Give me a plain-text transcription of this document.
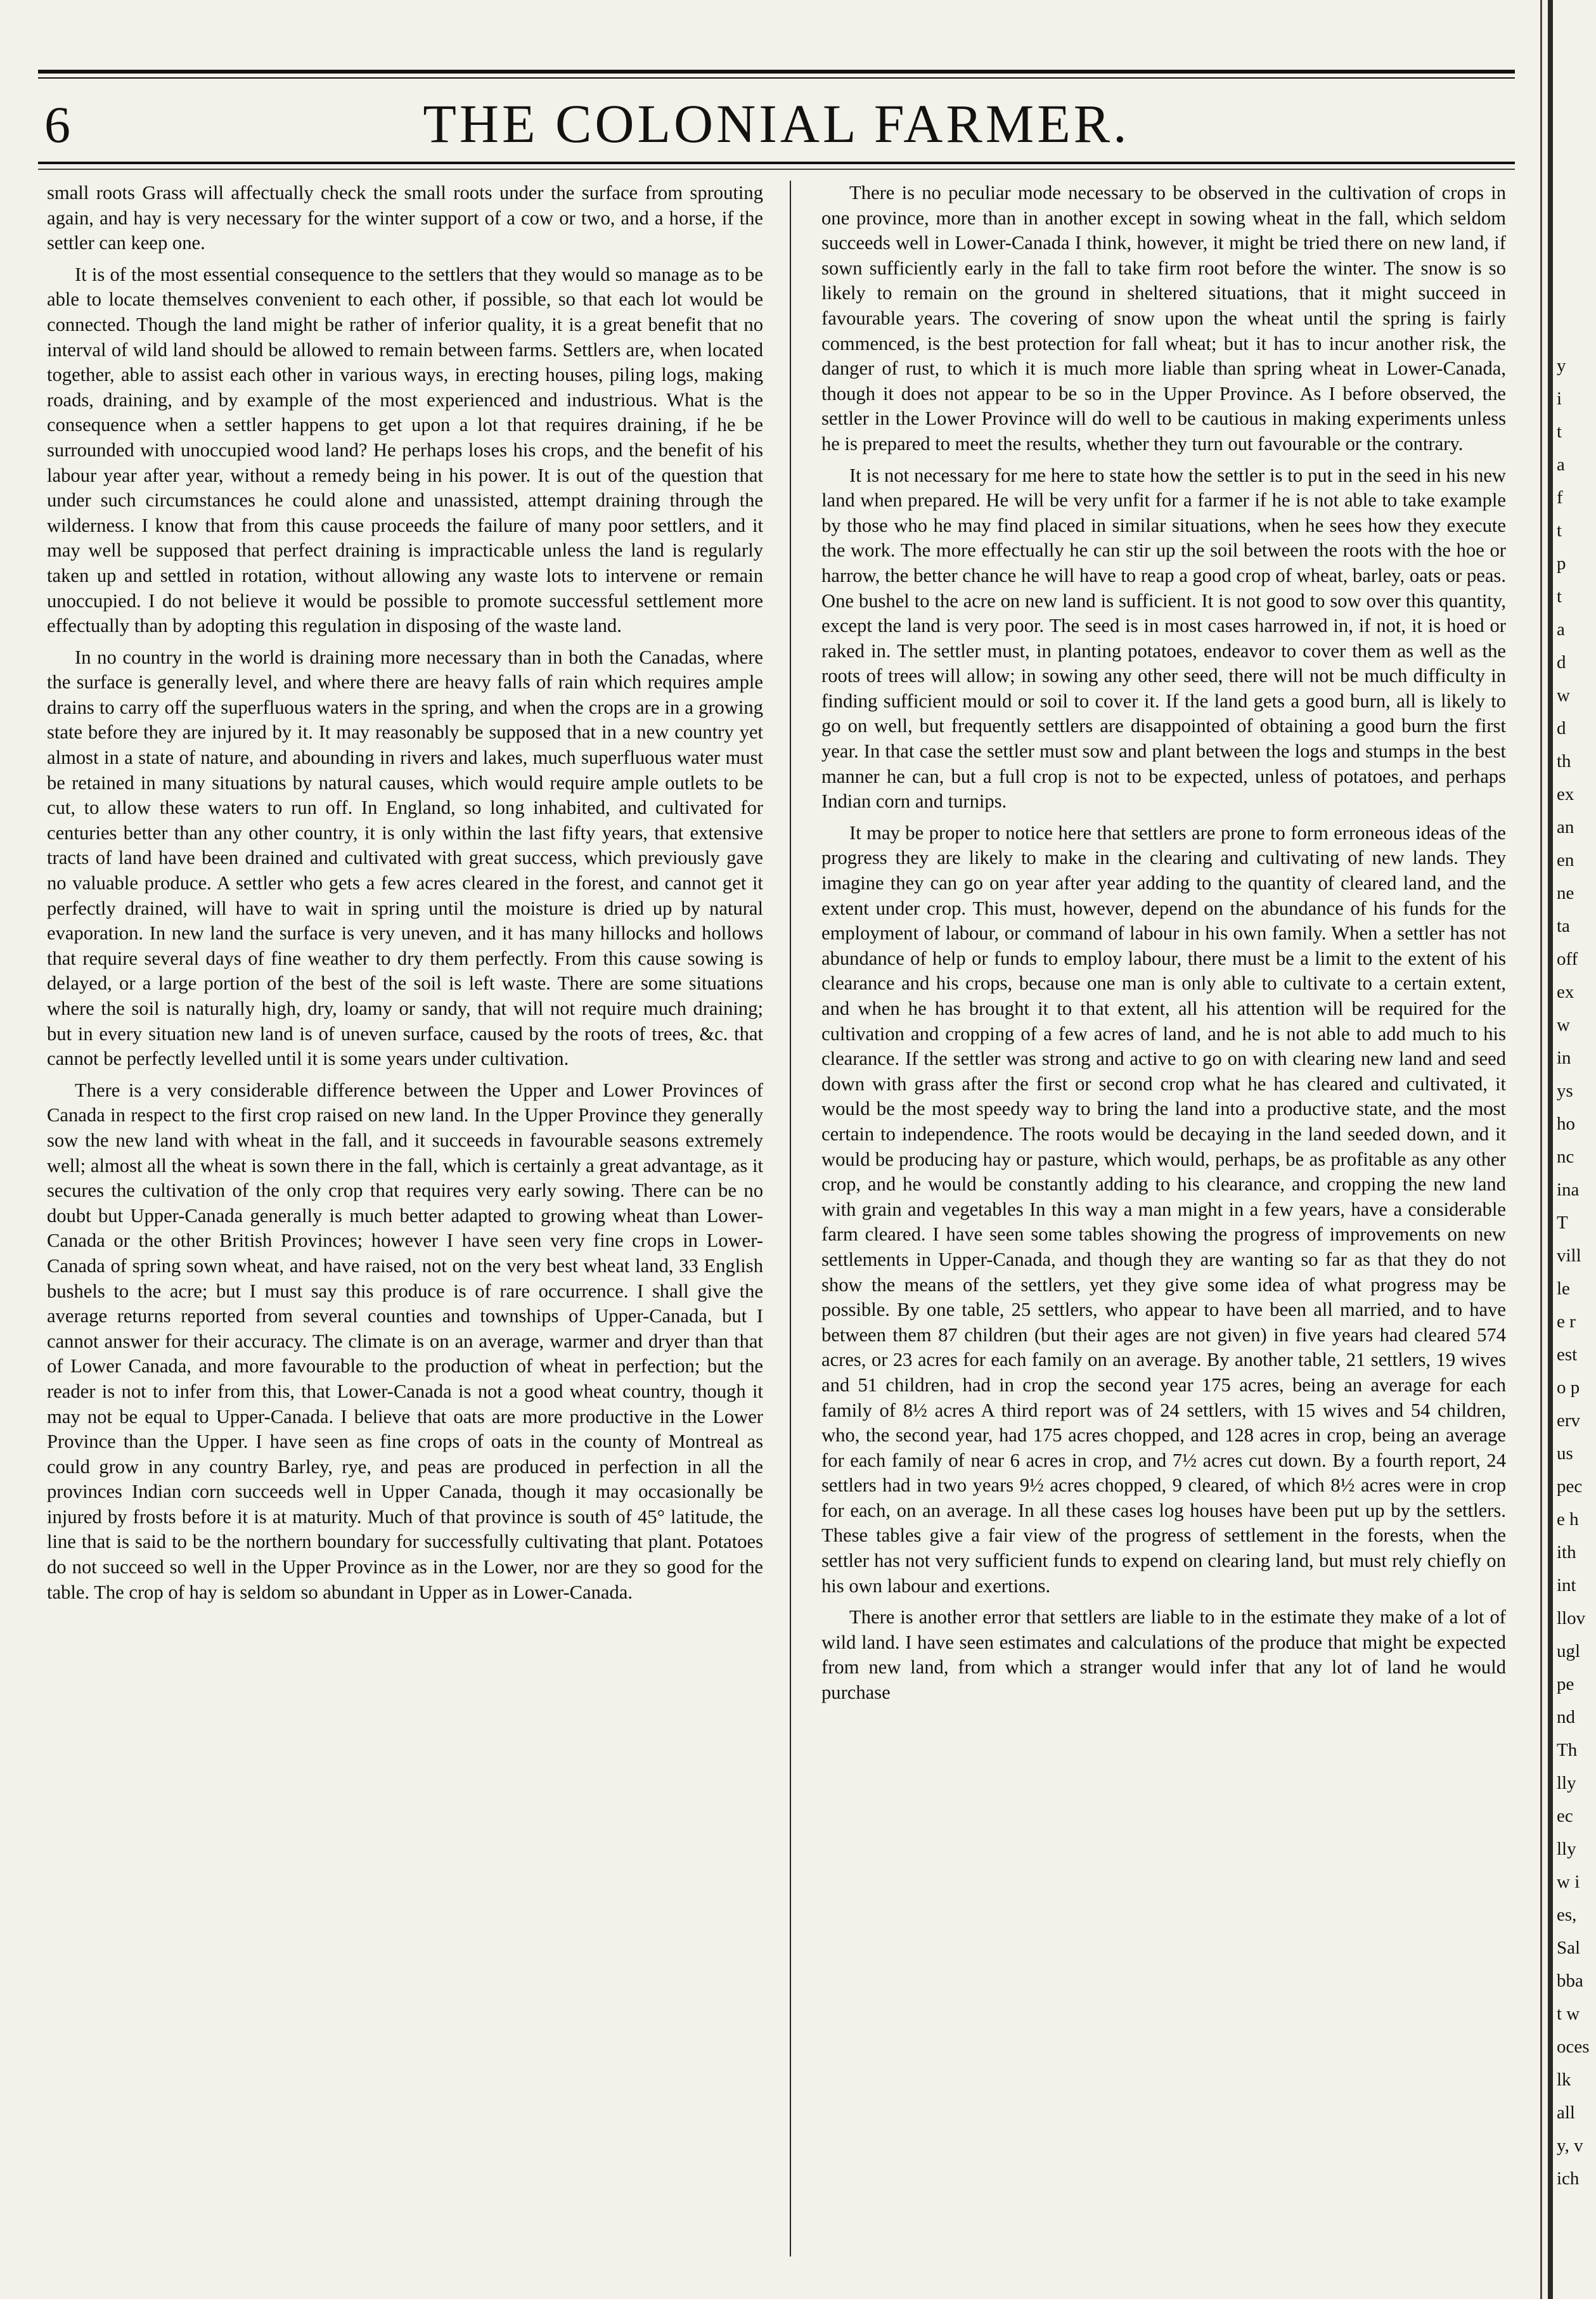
6	THE COLONIAL FARMER.

small roots Grass will affectually check the small roots under the surface from sprouting again, and hay is very necessary for the winter support of a cow or two, and a horse, if the settler can keep one.

It is of the most essential consequence to the settlers that they would so manage as to be able to locate themselves convenient to each other, if possible, so that each lot would be connected. Though the land might be rather of inferior quality, it is a great benefit that no interval of wild land should be allowed to remain between farms. Settlers are, when located together, able to assist each other in various ways, in erecting houses, piling logs, making roads, draining, and by example of the most experienced and industrious. What is the consequence when a settler happens to get upon a lot that requires draining, if he be surrounded with unoccupied wood land? He perhaps loses his crops, and the benefit of his labour year after year, without a remedy being in his power. It is out of the question that under such circumstances he could alone and unassisted, attempt draining through the wilderness. I know that from this cause proceeds the failure of many poor settlers, and it may well be supposed that perfect draining is impracticable unless the land is regularly taken up and settled in rotation, without allowing any waste lots to intervene or remain unoccupied. I do not believe it would be possible to promote successful settlement more effectually than by adopting this regulation in disposing of the waste land.

In no country in the world is draining more necessary than in both the Canadas, where the surface is generally level, and where there are heavy falls of rain which requires ample drains to carry off the superfluous waters in the spring, and when the crops are in a growing state before they are injured by it. It may reasonably be supposed that in a new country yet almost in a state of nature, and abounding in rivers and lakes, much superfluous water must be retained in many situations by natural causes, which would require ample outlets to be cut, to allow these waters to run off. In England, so long inhabited, and cultivated for centuries better than any other country, it is only within the last fifty years, that extensive tracts of land have been drained and cultivated with great success, which previously gave no valuable produce. A settler who gets a few acres cleared in the forest, and cannot get it perfectly drained, will have to wait in spring until the moisture is dried up by natural evaporation. In new land the surface is very uneven, and it has many hillocks and hollows that require several days of fine weather to dry them perfectly. From this cause sowing is delayed, or a large portion of the best of the soil is left waste. There are some situations where the soil is naturally high, dry, loamy or sandy, that will not require much draining; but in every situation new land is of uneven surface, caused by the roots of trees, &c. that cannot be perfectly levelled until it is some years under cultivation.

There is a very considerable difference between the Upper and Lower Provinces of Canada in respect to the first crop raised on new land. In the Upper Province they generally sow the new land with wheat in the fall, and it succeeds in favourable seasons extremely well; almost all the wheat is sown there in the fall, which is certainly a great advantage, as it secures the cultivation of the only crop that requires very early sowing. There can be no doubt but Upper-Canada generally is much better adapted to growing wheat than Lower-Canada or the other British Provinces; however I have seen very fine crops in Lower-Canada of spring sown wheat, and have raised, not on the very best wheat land, 33 English bushels to the acre; but I must say this produce is of rare occurrence. I shall give the average returns reported from several counties and townships of Upper-Canada, but I cannot answer for their accuracy. The climate is on an average, warmer and dryer than that of Lower Canada, and more favourable to the production of wheat in perfection; but the reader is not to infer from this, that Lower-Canada is not a good wheat country, though it may not be equal to Upper-Canada. I believe that oats are more productive in the Lower Province than the Upper. I have seen as fine crops of oats in the county of Montreal as could grow in any country Barley, rye, and peas are produced in perfection in all the provinces Indian corn succeeds well in Upper Canada, though it may occasionally be injured by frosts before it is at maturity. Much of that province is south of 45° latitude, the line that is said to be the northern boundary for successfully cultivating that plant. Potatoes do not succeed so well in the Upper Province as in the Lower, nor are they so good for the table. The crop of hay is seldom so abundant in Upper as in Lower-Canada.

There is no peculiar mode necessary to be observed in the cultivation of crops in one province, more than in another except in sowing wheat in the fall, which seldom succeeds well in Lower-Canada I think, however, it might be tried there on new land, if sown sufficiently early in the fall to take firm root before the winter. The snow is so likely to remain on the ground in sheltered situations, that it might succeed in favourable years. The covering of snow upon the wheat until the spring is fairly commenced, is the best protection for fall wheat; but it has to incur another risk, the danger of rust, to which it is much more liable than spring wheat in Lower-Canada, though it does not appear to be so in the Upper Province. As I before observed, the settler in the Lower Province will do well to be cautious in making experiments unless he is prepared to meet the results, whether they turn out favourable or the contrary.

It is not necessary for me here to state how the settler is to put in the seed in his new land when prepared. He will be very unfit for a farmer if he is not able to take example by those who he may find placed in similar situations, when he sees how they execute the work. The more effectually he can stir up the soil between the roots with the hoe or harrow, the better chance he will have to reap a good crop of wheat, barley, oats or peas. One bushel to the acre on new land is sufficient. It is not good to sow over this quantity, except the land is very poor. The seed is in most cases harrowed in, if not, it is hoed or raked in. The settler must, in planting potatoes, endeavor to cover them as well as the roots of trees will allow; in sowing any other seed, there will not be much difficulty in finding sufficient mould or soil to cover it. If the land gets a good burn, all is likely to go on well, but frequently settlers are disappointed of obtaining a good burn the first year. In that case the settler must sow and plant between the logs and stumps in the best manner he can, but a full crop is not to be expected, unless of potatoes, and perhaps Indian corn and turnips.

It may be proper to notice here that settlers are prone to form erroneous ideas of the progress they are likely to make in the clearing and cultivating of new lands. They imagine they can go on year after year adding to the quantity of cleared land, and the extent under crop. This must, however, depend on the abundance of his funds for the employment of labour, or command of labour in his own family. When a settler has not abundance of help or funds to employ labour, there must be a limit to the extent of his clearance and his crops, because one man is only able to cultivate to a certain extent, and when he has brought it to that extent, all his attention will be required for the cultivation and cropping of a few acres of land, and he is not able to add much to his clearance. If the settler was strong and active to go on with clearing new land and seed down with grass after the first or second crop what he has cleared and cultivated, it would be the most speedy way to bring the land into a productive state, and the most certain to independence. The roots would be decaying in the land seeded down, and it would be producing hay or pasture, which would, perhaps, be as profitable as any other crop, and he would be constantly adding to his clearance, and cropping the new land with grain and vegetables In this way a man might in a few years, have a considerable farm cleared. I have seen some tables showing the progress of improvements on new settlements in Upper-Canada, and though they are wanting so far as that they do not show the means of the settlers, yet they give some idea of what progress may be possible. By one table, 25 settlers, who appear to have been all married, and to have between them 87 children (but their ages are not given) in five years had cleared 574 acres, or 23 acres for each family on an average. By another table, 21 settlers, 19 wives and 51 children, had in crop the second year 175 acres, being an average for each family of 8½ acres A third report was of 24 settlers, with 15 wives and 54 children, who, the second year, had 175 acres chopped, and 128 acres in crop, being an average for each family of near 6 acres in crop, and 7½ acres cut down. By a fourth report, 24 settlers had in two years 9½ acres chopped, 9 cleared, of which 8½ acres were in crop for each, on an average. In all these cases log houses have been put up by the settlers. These tables give a fair view of the progress of settlement in the forests, when the settler has not very sufficient funds to expend on clearing land, but must rely chiefly on his own labour and exertions.

There is another error that settlers are liable to in the estimate they make of a lot of wild land. I have seen estimates and calculations of the produce that might be expected from new land, from which a stranger would infer that any lot of land he would purchase

y
i
t
a
f
t
p
t
a
d
w
d
th
ex
an
en
ne
ta
off
ex
w
in
ys
ho
nc
ina
T
vill
le
e r
est
o p
erv
us
pec
e h
ith
int
llov
ugl
pe
nd
Th
lly
ec
lly
w i
es,
Sal
bba
t w
oces
lk
all
y, v
ich
